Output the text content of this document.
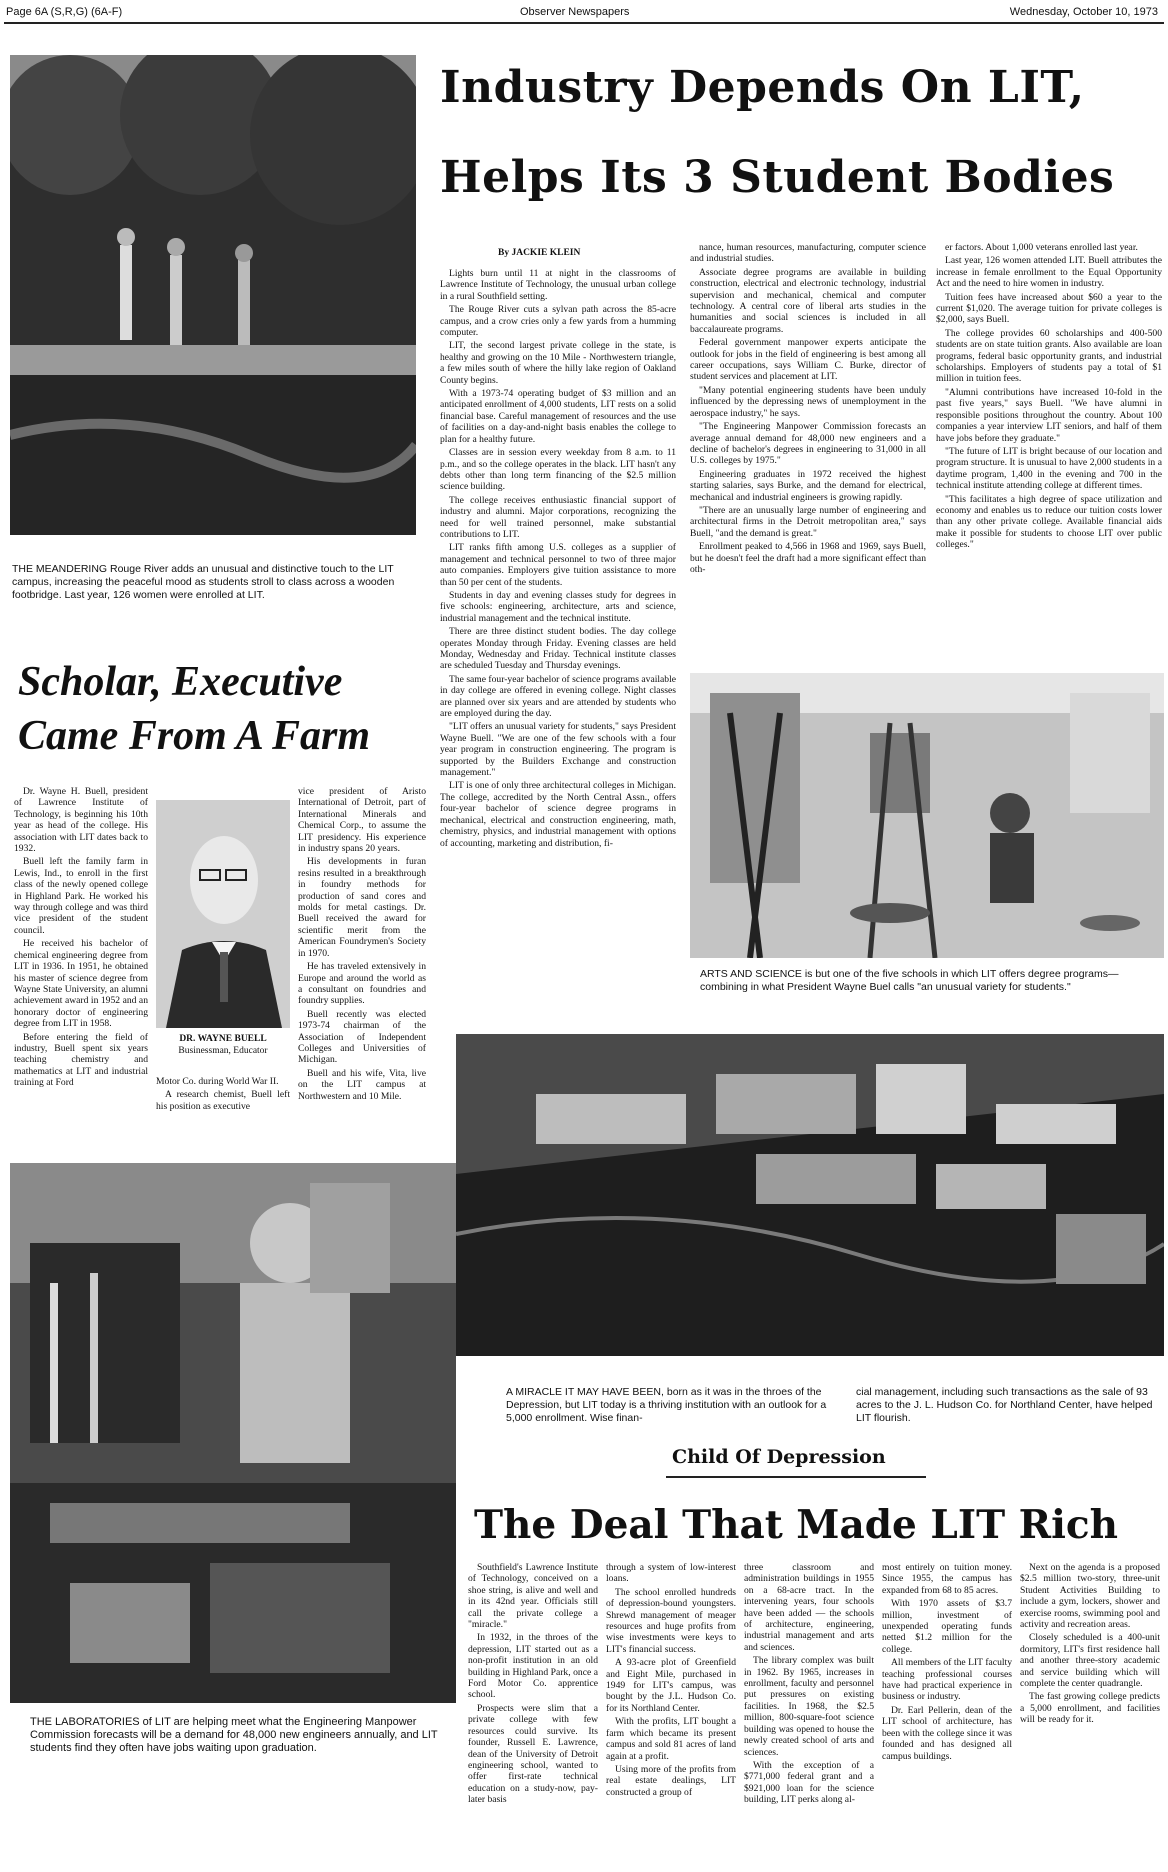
Page 6A (S,R,G) (6A-F)	Observer Newspapers	Wednesday, October 10, 1973
THE MEANDERING Rouge River adds an unusual and distinctive touch to the LIT campus, increasing the peaceful mood as students stroll to class across a wooden footbridge. Last year, 126 women were enrolled at LIT.
Industry Depends On LIT,
Helps Its 3 Student Bodies
By JACKIE KLEIN

Lights burn until 11 at night in the classrooms of Lawrence Institute of Technology, the unusual urban college in a rural Southfield setting.

The Rouge River cuts a sylvan path across the 85-acre campus, and a crow cries only a few yards from a humming computer.

LIT, the second largest private college in the state, is healthy and growing on the 10 Mile - Northwestern triangle, a few miles south of where the hilly lake region of Oakland County begins.

With a 1973-74 operating budget of $3 million and an anticipated enrollment of 4,000 students, LIT rests on a solid financial base. Careful management of resources and the use of facilities on a day-and-night basis enables the college to plan for a healthy future.

Classes are in session every weekday from 8 a.m. to 11 p.m., and so the college operates in the black. LIT hasn't any debts other than long term financing of the $2.5 million science building.

The college receives enthusiastic financial support of industry and alumni. Major corporations, recognizing the need for well trained personnel, make substantial contributions to LIT.

LIT ranks fifth among U.S. colleges as a supplier of management and technical personnel to two of three major auto companies. Employers give tuition assistance to more than 50 per cent of the students.

Students in day and evening classes study for degrees in five schools: engineering, architecture, arts and science, industrial management and the technical institute.

There are three distinct student bodies. The day college operates Monday through Friday. Evening classes are held Monday, Wednesday and Friday. Technical institute classes are scheduled Tuesday and Thursday evenings.

The same four-year bachelor of science programs available in day college are offered in evening college. Night classes are planned over six years and are attended by students who are employed during the day.

"LIT offers an unusual variety for students," says President Wayne Buell. "We are one of the few schools with a four year program in construction engineering. The program is supported by the Builders Exchange and construction management."

LIT is one of only three architectural colleges in Michigan. The college, accredited by the North Central Assn., offers four-year bachelor of science degree programs in mechanical, electrical and construction engineering, math, chemistry, physics, and industrial management with options of accounting, marketing and distribution, fi-

nance, human resources, manufacturing, computer science and industrial studies.

Associate degree programs are available in building construction, electrical and electronic technology, industrial supervision and mechanical, chemical and computer technology. A central core of liberal arts studies in the humanities and social sciences is included in all baccalaureate programs.

Federal government manpower experts anticipate the outlook for jobs in the field of engineering is best among all career occupations, says William C. Burke, director of student services and placement at LIT.

"Many potential engineering students have been unduly influenced by the depressing news of unemployment in the aerospace industry," he says.

"The Engineering Manpower Commission forecasts an average annual demand for 48,000 new engineers and a decline of bachelor's degrees in engineering to 31,000 in all U.S. colleges by 1975."

Engineering graduates in 1972 received the highest starting salaries, says Burke, and the demand for electrical, mechanical and industrial engineers is growing rapidly.

"There are an unusually large number of engineering and architectural firms in the Detroit metropolitan area," says Buell, "and the demand is great."

Enrollment peaked to 4,566 in 1968 and 1969, says Buell, but he doesn't feel the draft had a more significant effect than oth-

er factors. About 1,000 veterans enrolled last year.

Last year, 126 women attended LIT. Buell attributes the increase in female enrollment to the Equal Opportunity Act and the need to hire women in industry.

Tuition fees have increased about $60 a year to the current $1,020. The average tuition for private colleges is $2,000, says Buell.

The college provides 60 scholarships and 400-500 students are on state tuition grants. Also available are loan programs, federal basic opportunity grants, and industrial scholarships. Employers of students pay a total of $1 million in tuition fees.

"Alumni contributions have increased 10-fold in the past five years," says Buell. "We have alumni in responsible positions throughout the country. About 100 companies a year interview LIT seniors, and half of them have jobs before they graduate."

"The future of LIT is bright because of our location and program structure. It is unusual to have 2,000 students in a daytime program, 1,400 in the evening and 700 in the technical institute attending college at different times.

"This facilitates a high degree of space utilization and economy and enables us to reduce our tuition costs lower than any other private college. Available financial aids make it possible for students to choose LIT over public colleges."

Scholar, Executive
Came From A Farm

Dr. Wayne H. Buell, president of Lawrence Institute of Technology, is beginning his 10th year as head of the college. His association with LIT dates back to 1932.

Buell left the family farm in Lewis, Ind., to enroll in the first class of the newly opened college in Highland Park. He worked his way through college and was third vice president of the student council.

He received his bachelor of chemical engineering degree from LIT in 1936. In 1951, he obtained his master of science degree from Wayne State University, an alumni achievement award in 1952 and an honorary doctor of engineering degree from LIT in 1958.

Before entering the field of industry, Buell spent six years teaching chemistry and mathematics at LIT and industrial training at Ford

DR. WAYNE BUELL
Businessman, Educator

Motor Co. during World War II.

A research chemist, Buell left his position as executive

vice president of Aristo International of Detroit, part of International Minerals and Chemical Corp., to assume the LIT presidency. His experience in industry spans 20 years.

His developments in furan resins resulted in a breakthrough in foundry methods for production of sand cores and molds for metal castings. Dr. Buell received the award for scientific merit from the American Foundrymen's Society in 1970.

He has traveled extensively in Europe and around the world as a consultant on foundries and foundry supplies.

Buell recently was elected 1973-74 chairman of the Association of Independent Colleges and Universities of Michigan.

Buell and his wife, Vita, live on the LIT campus at Northwestern and 10 Mile.

ARTS AND SCIENCE is but one of the five schools in which LIT offers degree programs—combining in what President Wayne Buel calls "an unusual variety for students."
A MIRACLE IT MAY HAVE BEEN, born as it was in the throes of the Depression, but LIT today is a thriving institution with an outlook for a 5,000 enrollment. Wise finan-
cial management, including such transactions as the sale of 93 acres to the J. L. Hudson Co. for Northland Center, have helped LIT flourish.
THE LABORATORIES of LIT are helping meet what the Engineering Manpower Commission forecasts will be a demand for 48,000 new engineers annually, and LIT students find they often have jobs waiting upon graduation.
Child Of Depression
The Deal That Made LIT Rich

Southfield's Lawrence Institute of Technology, conceived on a shoe string, is alive and well and in its 42nd year. Officials still call the private college a "miracle."

In 1932, in the throes of the depression, LIT started out as a non-profit institution in an old building in Highland Park, once a Ford Motor Co. apprentice school.

Prospects were slim that a private college with few resources could survive. Its founder, Russell E. Lawrence, dean of the University of Detroit engineering school, wanted to offer first-rate technical education on a study-now, pay-later basis

through a system of low-interest loans.

The school enrolled hundreds of depression-bound youngsters. Shrewd management of meager resources and huge profits from wise investments were keys to LIT's financial success.

A 93-acre plot of Greenfield and Eight Mile, purchased in 1949 for LIT's campus, was bought by the J.L. Hudson Co. for its Northland Center.

With the profits, LIT bought a farm which became its present campus and sold 81 acres of land again at a profit.

Using more of the profits from real estate dealings, LIT constructed a group of

three classroom and administration buildings in 1955 on a 68-acre tract. In the intervening years, four schools have been added — the schools of architecture, engineering, industrial management and arts and sciences.

The library complex was built in 1962. By 1965, increases in enrollment, faculty and personnel put pressures on existing facilities. In 1968, the $2.5 million, 800-square-foot science building was opened to house the newly created school of arts and sciences.

With the exception of a $771,000 federal grant and a $921,000 loan for the science building, LIT perks along al-

most entirely on tuition money. Since 1955, the campus has expanded from 68 to 85 acres.

With 1970 assets of $3.7 million, investment of unexpended operating funds netted $1.2 million for the college.

All members of the LIT faculty teaching professional courses have had practical experience in business or industry.

Dr. Earl Pellerin, dean of the LIT school of architecture, has been with the college since it was founded and has designed all campus buildings.

Next on the agenda is a proposed $2.5 million two-story, three-unit Student Activities Building to include a gym, lockers, shower and exercise rooms, swimming pool and activity and recreation areas.

Closely scheduled is a 400-unit dormitory, LIT's first residence hall and another three-story academic and service building which will complete the center quadrangle.

The fast growing college predicts a 5,000 enrollment, and facilities will be ready for it.
